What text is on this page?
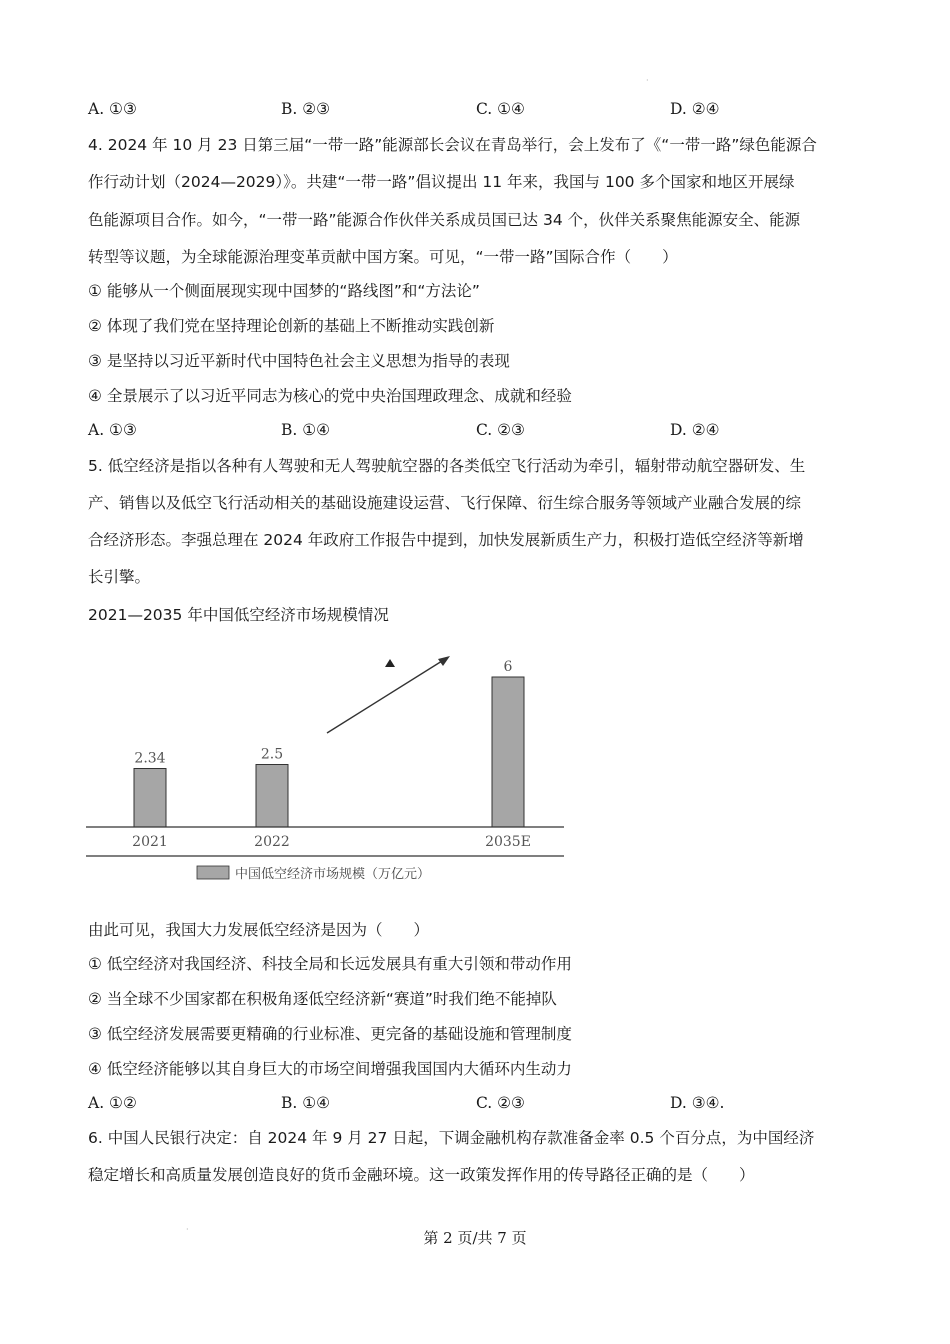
·
A. ①③	B. ②③	C. ①④	D. ②④
4. 2024 年 10 月 23 日第三届“一带一路”能源部长会议在青岛举行，会上发布了《“一带一路”绿色能源合
作行动计划（2024—2029）》。共建“一带一路”倡议提出 11 年来，我国与 100 多个国家和地区开展绿
色能源项目合作。如今，“一带一路”能源合作伙伴关系成员国已达 34 个，伙伴关系聚焦能源安全、能源
转型等议题，为全球能源治理变革贡献中国方案。可见，“一带一路”国际合作（　　）
① 能够从一个侧面展现实现中国梦的“路线图”和“方法论”
② 体现了我们党在坚持理论创新的基础上不断推动实践创新
③ 是坚持以习近平新时代中国特色社会主义思想为指导的表现
④ 全景展示了以习近平同志为核心的党中央治国理政理念、成就和经验
A. ①③	B. ①④	C. ②③	D. ②④
5. 低空经济是指以各种有人驾驶和无人驾驶航空器的各类低空飞行活动为牵引，辐射带动航空器研发、生
产、销售以及低空飞行活动相关的基础设施建设运营、飞行保障、衍生综合服务等领域产业融合发展的综
合经济形态。李强总理在 2024 年政府工作报告中提到，加快发展新质生产力，积极打造低空经济等新增
长引擎。
2021—2035 年中国低空经济市场规模情况
2.34
2021
2.5
2022
6
2035E
中国低空经济市场规模（万亿元）
由此可见，我国大力发展低空经济是因为（　　）
① 低空经济对我国经济、科技全局和长远发展具有重大引领和带动作用
② 当全球不少国家都在积极角逐低空经济新“赛道”时我们绝不能掉队
③ 低空经济发展需要更精确的行业标准、更完备的基础设施和管理制度
④ 低空经济能够以其自身巨大的市场空间增强我国国内大循环内生动力
A. ①②	B. ①④	C. ②③	D. ③④.
6. 中国人民银行决定：自 2024 年 9 月 27 日起，下调金融机构存款准备金率 0.5 个百分点，为中国经济
稳定增长和高质量发展创造良好的货币金融环境。这一政策发挥作用的传导路径正确的是（　　）
·	第 2 页/共 7 页
